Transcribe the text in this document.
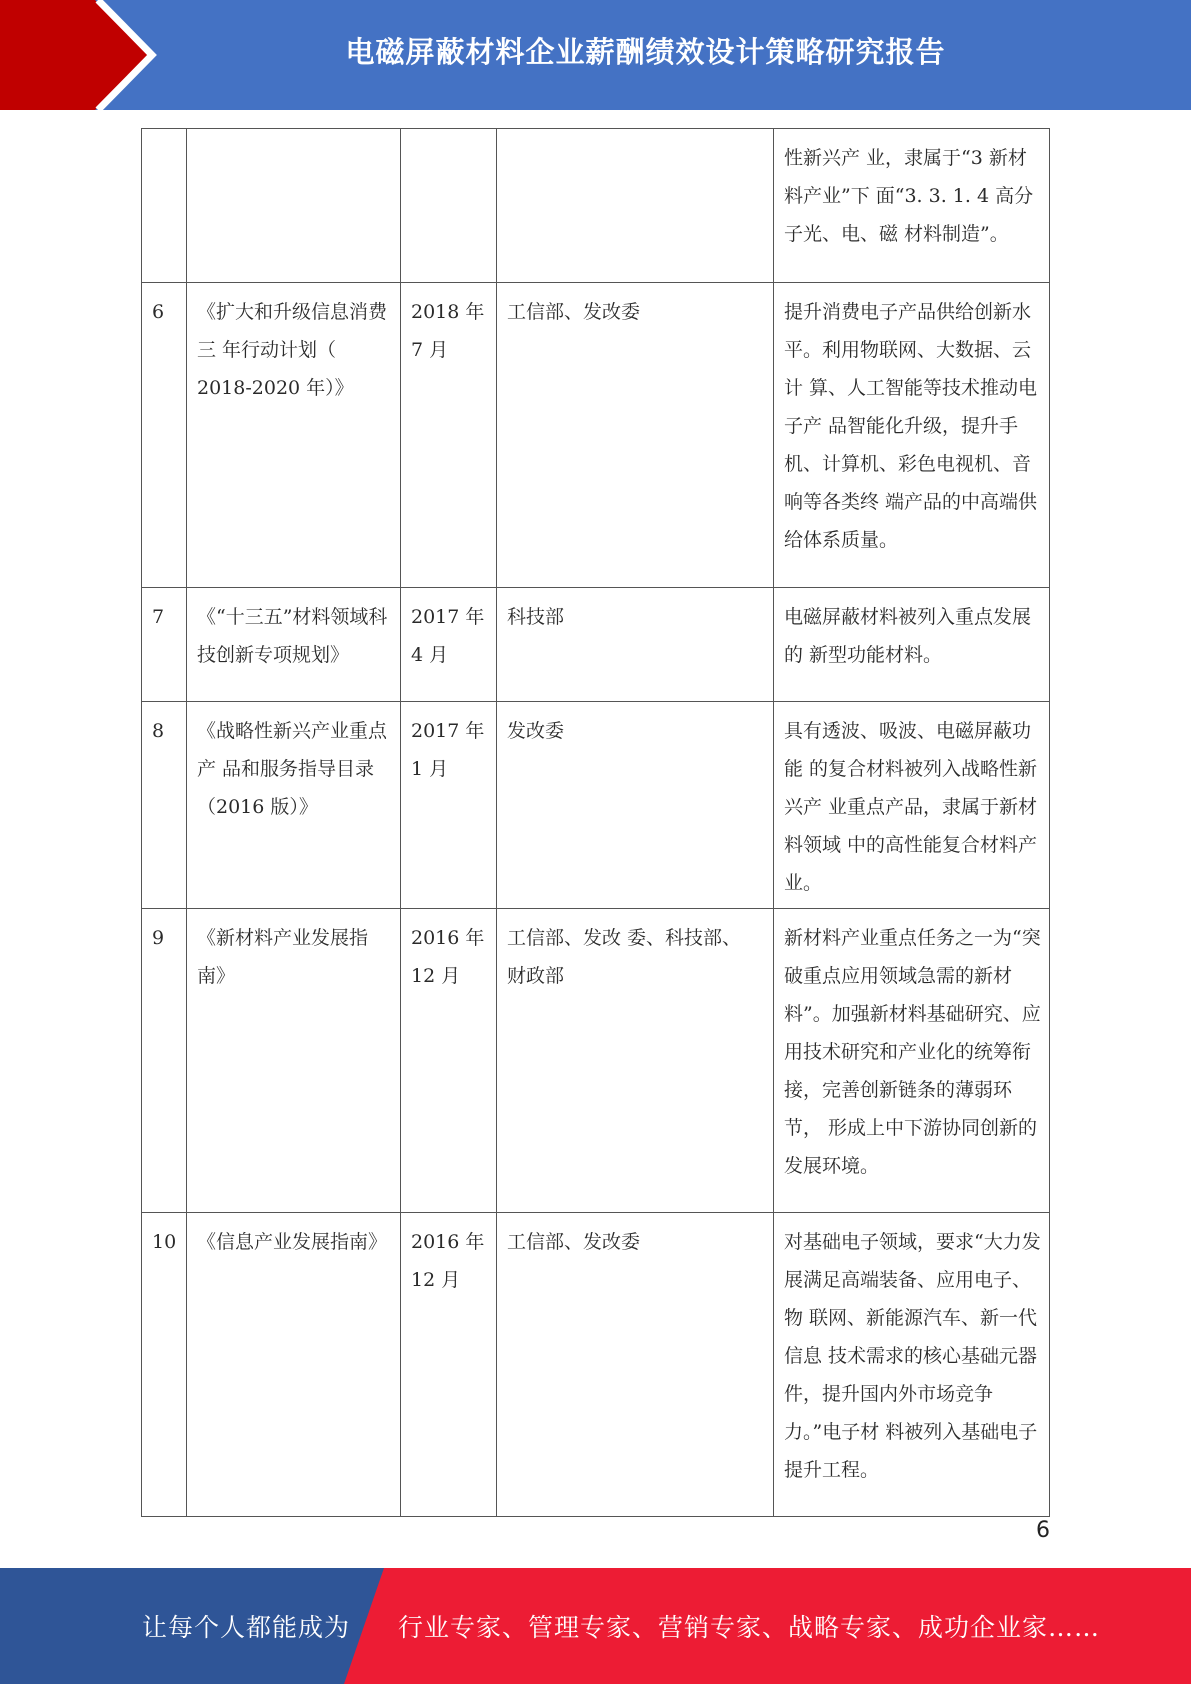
电磁屏蔽材料企业薪酬绩效设计策略研究报告
				性新兴产 业，隶属于“3 新材料产业”下 面“3. 3. 1. 4 高分子光、电、磁 材料制造”。
6	《扩大和升级信息消费三 年行动计划（ 2018-2020 年）》	2018 年 7 月	工信部、发改委	提升消费电子产品供给创新水 平。利用物联网、大数据、云计 算、人工智能等技术推动电子产 品智能化升级，提升手机、计算机、彩色电视机、音响等各类终 端产品的中高端供给体系质量。
7	《“十三五”材料领域科 技创新专项规划》	2017 年 4 月	科技部	电磁屏蔽材料被列入重点发展的 新型功能材料。
8	《战略性新兴产业重点产 品和服务指导目录（2016 版）》	2017 年 1 月	发改委	具有透波、吸波、电磁屏蔽功能 的复合材料被列入战略性新兴产 业重点产品，隶属于新材料领域 中的高性能复合材料产业。
9	《新材料产业发展指南》	2016 年 12 月	工信部、发改 委、科技部、 财政部	新材料产业重点任务之一为“突 破重点应用领域急需的新材 料”。加强新材料基础研究、应 用技术研究和产业化的统筹衔 接，完善创新链条的薄弱环节， 形成上中下游协同创新的发展环境。
10	《信息产业发展指南》	2016 年 12 月	工信部、发改委	对基础电子领域，要求“大力发 展满足高端装备、应用电子、物 联网、新能源汽车、新一代信息 技术需求的核心基础元器件，提升国内外市场竞争力。”电子材 料被列入基础电子提升工程。
6
让每个人都能成为 行业专家、管理专家、营销专家、战略专家、成功企业家……
